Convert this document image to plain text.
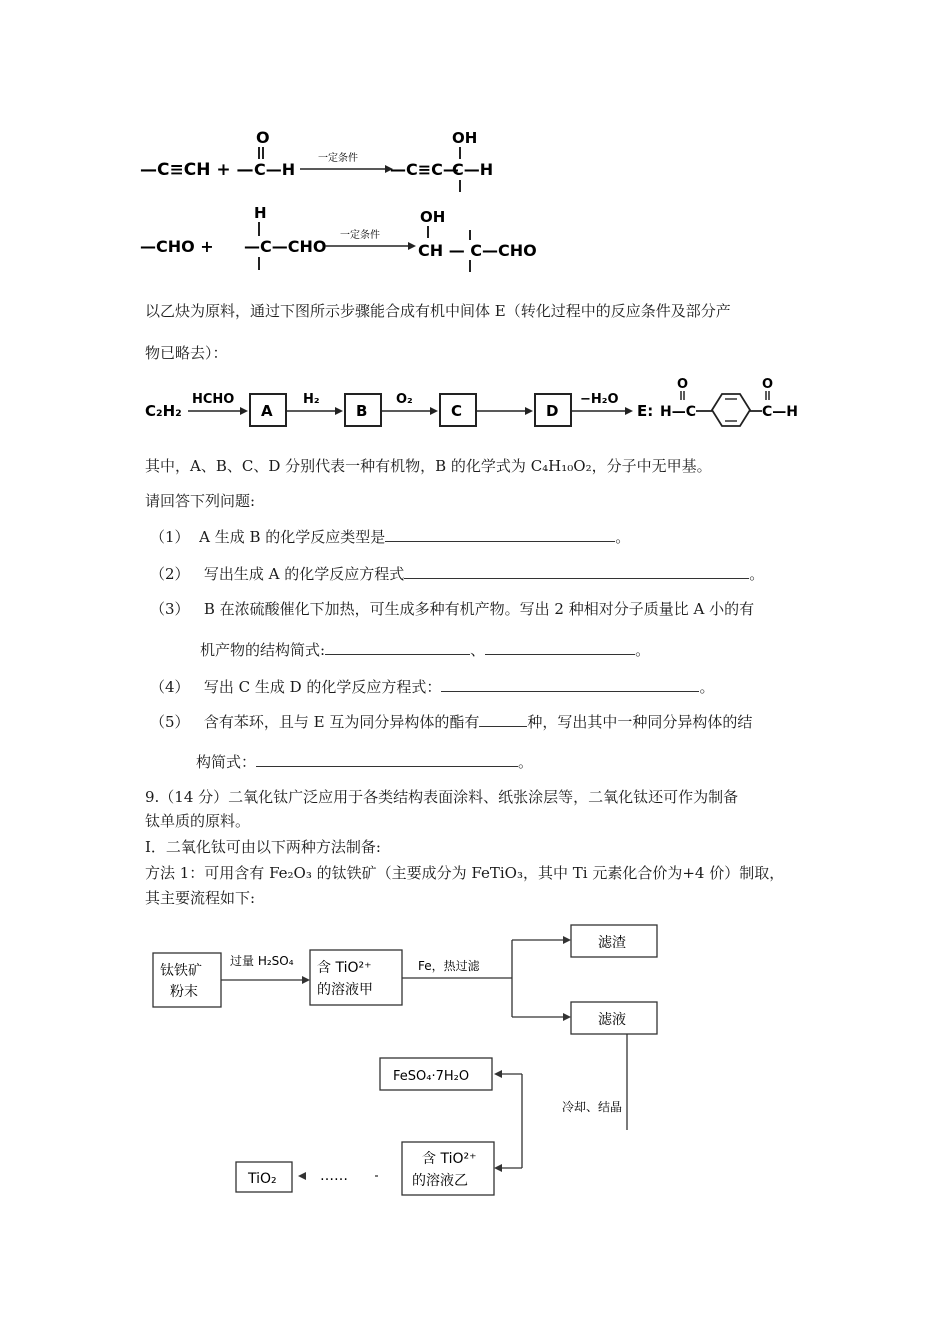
—C≡CH + —
O
C—H
一定条件
—C≡C—
OH
C—H
—CHO +
H
—C—CHO
一定条件
OH
CH — C—CHO
以乙炔为原料，通过下图所示步骤能合成有机中间体 E（转化过程中的反应条件及部分产
物已略去）：
C₂H₂
HCHO
A
H₂
B
O₂
C	D
−H₂O
E: H—C
O
C—H
O
其中，A、B、C、D 分别代表一种有机物，B 的化学式为 C₄H₁₀O₂，分子中无甲基。
请回答下列问题:
（1） A 生成 B 的化学反应类型是	。
（2） 写出生成 A 的化学反应方程式	。
（3） B 在浓硫酸催化下加热，可生成多种有机产物。写出 2 种相对分子质量比 A 小的有
机产物的结构简式:	、	。
（4） 写出 C 生成 D 的化学反应方程式：	。
（5） 含有苯环，且与 E 互为同分异构体的酯有	种，写出其中一种同分异构体的结
构简式：	。
9.（14 分）二氧化钛广泛应用于各类结构表面涂料、纸张涂层等，二氧化钛还可作为制备
钛单质的原料。
Ⅰ．二氧化钛可由以下两种方法制备:
方法 1：可用含有 Fe₂O₃ 的钛铁矿（主要成分为 FeTiO₃，其中 Ti 元素化合价为+4 价）制取，
其主要流程如下:
钛铁矿
粉末
过量 H₂SO₄ 含 TiO²⁺
的溶液甲
Fe，热过滤
滤渣
滤液
冷却、结晶
FeSO₄·7H₂O
含 TiO²⁺
的溶液乙
……
TiO₂
